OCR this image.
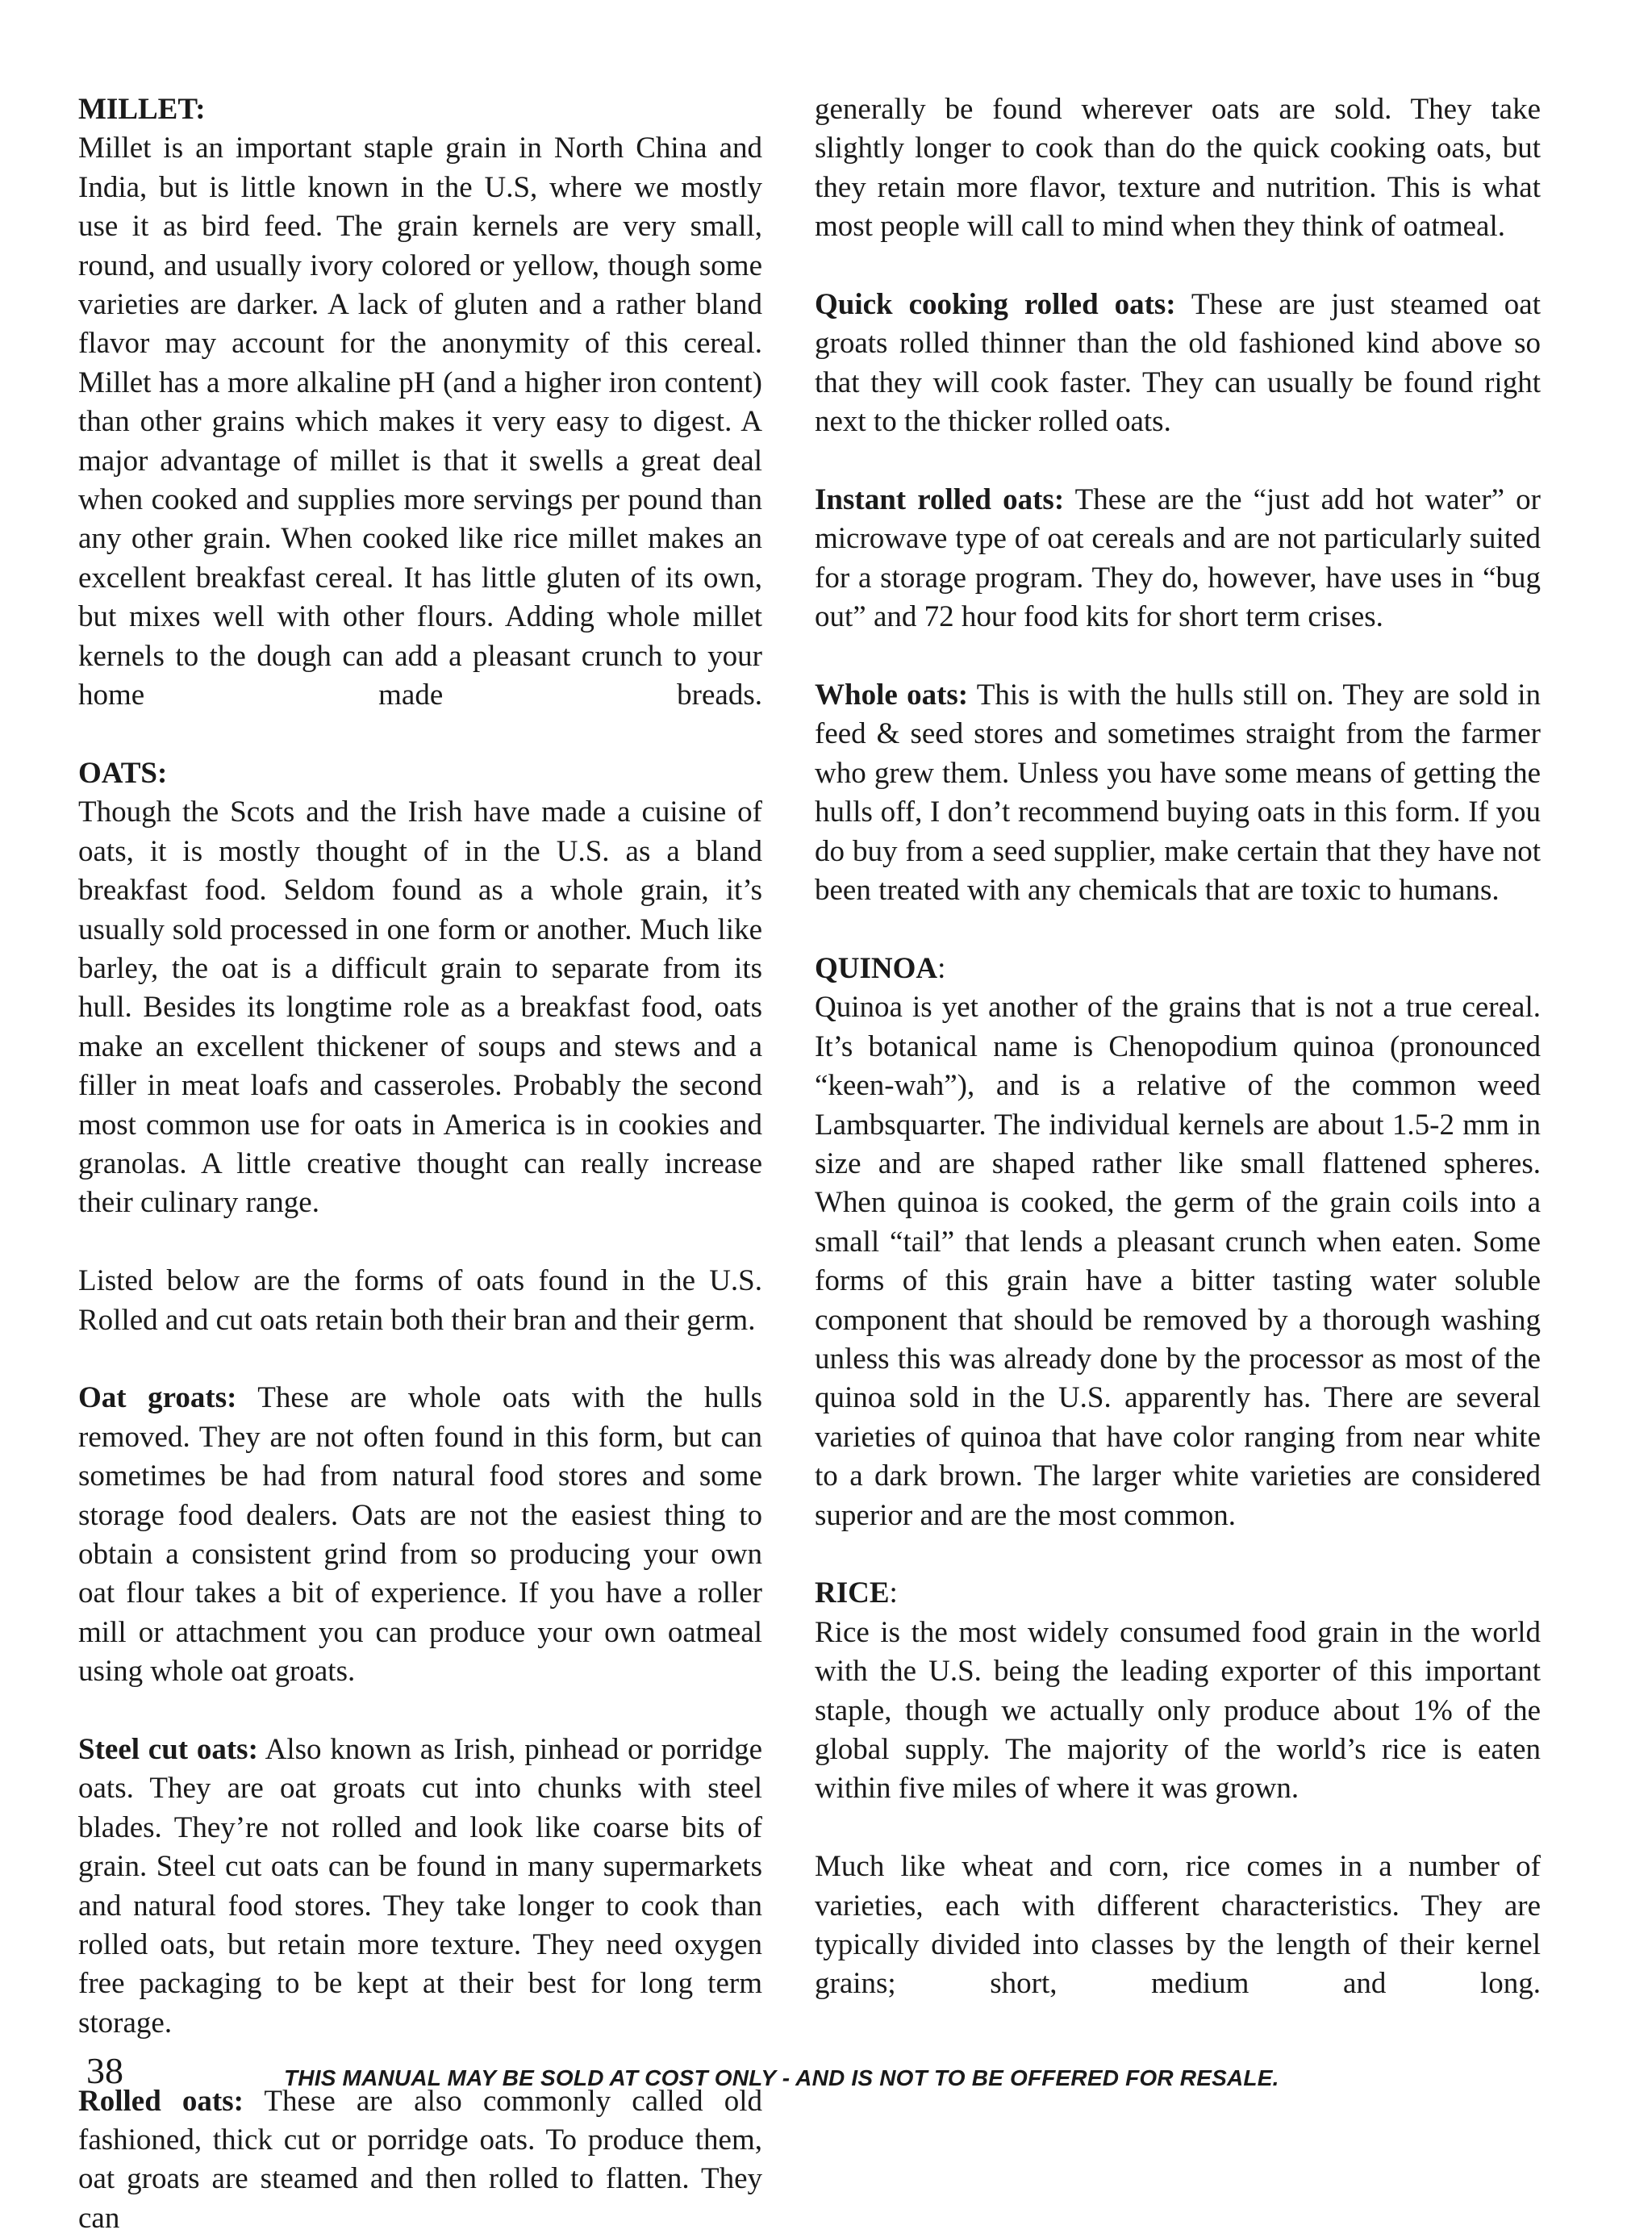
MILLET:

Millet is an important staple grain in North China and India, but is little known in the U.S, where we mostly use it as bird feed. The grain kernels are very small, round, and usually ivory colored or yellow, though some varieties are darker. A lack of gluten and a rather bland flavor may account for the anonymity of this cereal. Millet has a more alkaline pH (and a higher iron content) than other grains which makes it very easy to digest. A major advantage of millet is that it swells a great deal when cooked and supplies more servings per pound than any other grain. When cooked like rice millet makes an excellent breakfast cereal. It has little gluten of its own, but mixes well with other flours. Adding whole millet kernels to the dough can add a pleasant crunch to your home made breads.

OATS:

Though the Scots and the Irish have made a cuisine of oats, it is mostly thought of in the U.S. as a bland breakfast food. Seldom found as a whole grain, it’s usually sold processed in one form or another. Much like barley, the oat is a difficult grain to separate from its hull. Besides its longtime role as a breakfast food, oats make an excellent thickener of soups and stews and a filler in meat loafs and casseroles. Probably the second most common use for oats in America is in cookies and granolas. A little creative thought can really increase their culinary range.

Listed below are the forms of oats found in the U.S. Rolled and cut oats retain both their bran and their germ.

Oat groats: These are whole oats with the hulls removed. They are not often found in this form, but can sometimes be had from natural food stores and some storage food dealers. Oats are not the easiest thing to obtain a consistent grind from so producing your own oat flour takes a bit of experience. If you have a roller mill or attachment you can produce your own oatmeal using whole oat groats.

Steel cut oats: Also known as Irish, pinhead or porridge oats. They are oat groats cut into chunks with steel blades. They’re not rolled and look like coarse bits of grain. Steel cut oats can be found in many supermarkets and natural food stores. They take longer to cook than rolled oats, but retain more texture. They need oxygen free packaging to be kept at their best for long term storage.

Rolled oats: These are also commonly called old fashioned, thick cut or porridge oats. To produce them, oat groats are steamed and then rolled to flatten. They can

generally be found wherever oats are sold. They take slightly longer to cook than do the quick cooking oats, but they retain more flavor, texture and nutrition. This is what most people will call to mind when they think of oatmeal.

Quick cooking rolled oats: These are just steamed oat groats rolled thinner than the old fashioned kind above so that they will cook faster. They can usually be found right next to the thicker rolled oats.

Instant rolled oats: These are the “just add hot water” or microwave type of oat cereals and are not particularly suited for a storage program. They do, however, have uses in “bug out” and 72 hour food kits for short term crises.

Whole oats: This is with the hulls still on. They are sold in feed & seed stores and sometimes straight from the farmer who grew them. Unless you have some means of getting the hulls off, I don’t recommend buying oats in this form. If you do buy from a seed supplier, make certain that they have not been treated with any chemicals that are toxic to humans.

QUINOA:

Quinoa is yet another of the grains that is not a true cereal. It’s botanical name is Chenopodium quinoa (pronounced “keen-wah”), and is a relative of the common weed Lambsquarter. The individual kernels are about 1.5-2 mm in size and are shaped rather like small flattened spheres. When quinoa is cooked, the germ of the grain coils into a small “tail” that lends a pleasant crunch when eaten. Some forms of this grain have a bitter tasting water soluble component that should be removed by a thorough washing unless this was already done by the processor as most of the quinoa sold in the U.S. apparently has. There are several varieties of quinoa that have color ranging from near white to a dark brown. The larger white varieties are considered superior and are the most common.

RICE:

Rice is the most widely consumed food grain in the world with the U.S. being the leading exporter of this important staple, though we actually only produce about 1% of the global supply. The majority of the world’s rice is eaten within five miles of where it was grown.

Much like wheat and corn, rice comes in a number of varieties, each with different characteristics. They are typically divided into classes by the length of their kernel grains; short, medium and long.

38	THIS MANUAL MAY BE SOLD AT COST ONLY - AND IS NOT TO BE OFFERED FOR RESALE.
